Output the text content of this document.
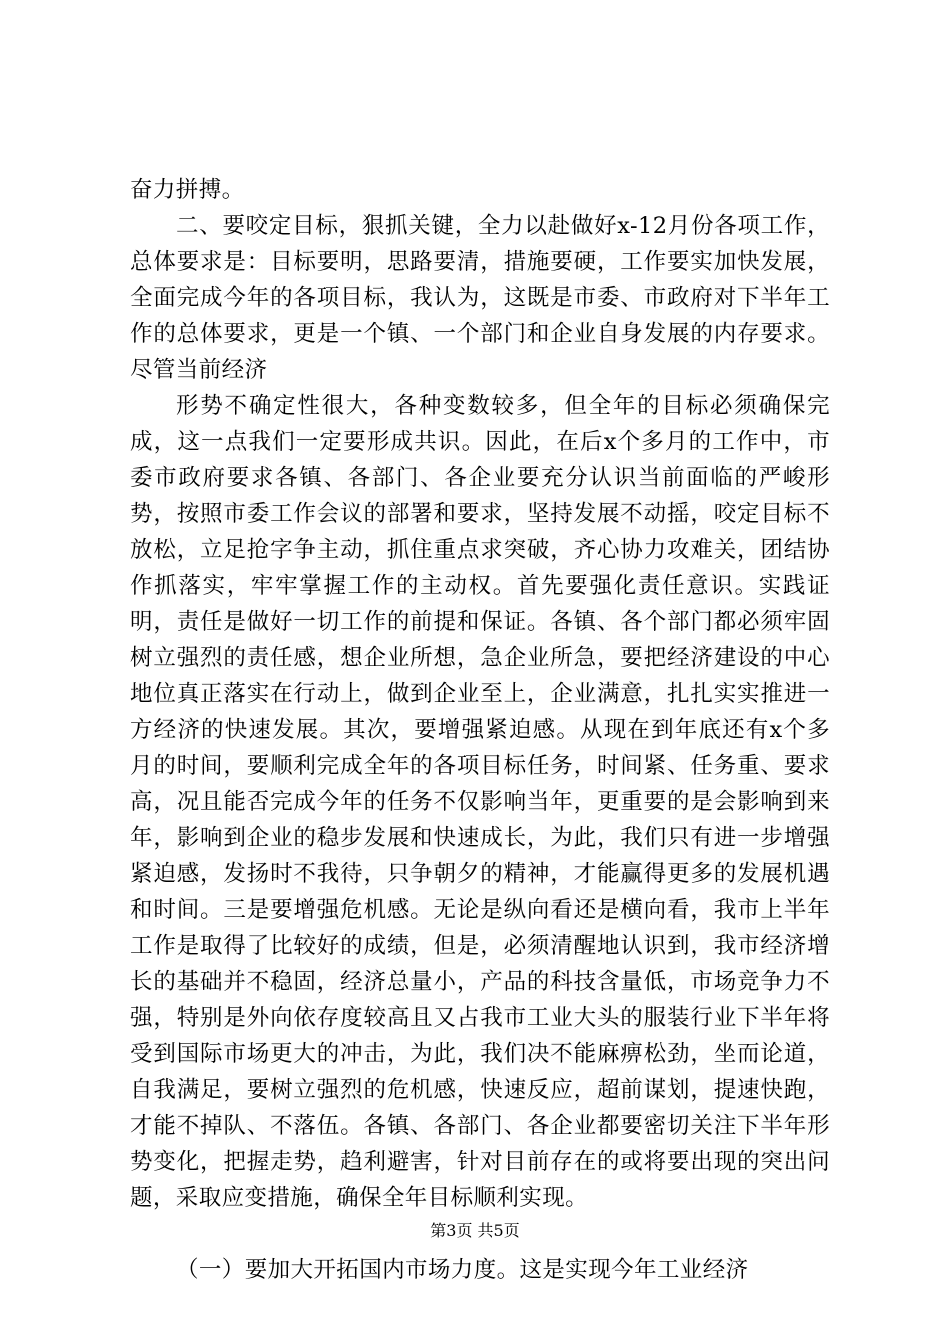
奋力拼搏。

二、要咬定目标，狠抓关键，全力以赴做好x-12月份各项工作，总体要求是：目标要明，思路要清，措施要硬，工作要实加快发展，全面完成今年的各项目标，我认为，这既是市委、市政府对下半年工作的总体要求，更是一个镇、一个部门和企业自身发展的内存要求。尽管当前经济

形势不确定性很大，各种变数较多，但全年的目标必须确保完成，这一点我们一定要形成共识。因此，在后x个多月的工作中，市委市政府要求各镇、各部门、各企业要充分认识当前面临的严峻形势，按照市委工作会议的部署和要求，坚持发展不动摇，咬定目标不放松，立足抢字争主动，抓住重点求突破，齐心协力攻难关，团结协作抓落实，牢牢掌握工作的主动权。首先要强化责任意识。实践证明，责任是做好一切工作的前提和保证。各镇、各个部门都必须牢固树立强烈的责任感，想企业所想，急企业所急，要把经济建设的中心地位真正落实在行动上，做到企业至上，企业满意，扎扎实实推进一方经济的快速发展。其次，要增强紧迫感。从现在到年底还有x个多月的时间，要顺利完成全年的各项目标任务，时间紧、任务重、要求高，况且能否完成今年的任务不仅影响当年，更重要的是会影响到来年，影响到企业的稳步发展和快速成长，为此，我们只有进一步增强紧迫感，发扬时不我待，只争朝夕的精神，才能赢得更多的发展机遇和时间。三是要增强危机感。无论是纵向看还是横向看，我市上半年工作是取得了比较好的成绩，但是，必须清醒地认识到，我市经济增长的基础并不稳固，经济总量小，产品的科技含量低，市场竞争力不强，特别是外向依存度较高且又占我市工业大头的服装行业下半年将受到国际市场更大的冲击，为此，我们决不能麻痹松劲，坐而论道，自我满足，要树立强烈的危机感，快速反应，超前谋划，提速快跑，才能不掉队、不落伍。各镇、各部门、各企业都要密切关注下半年形势变化，把握走势，趋利避害，针对目前存在的或将要出现的突出问题，采取应变措施，确保全年目标顺利实现。

（一）要加大开拓国内市场力度。这是实现今年工业经济

第3页 共5页
